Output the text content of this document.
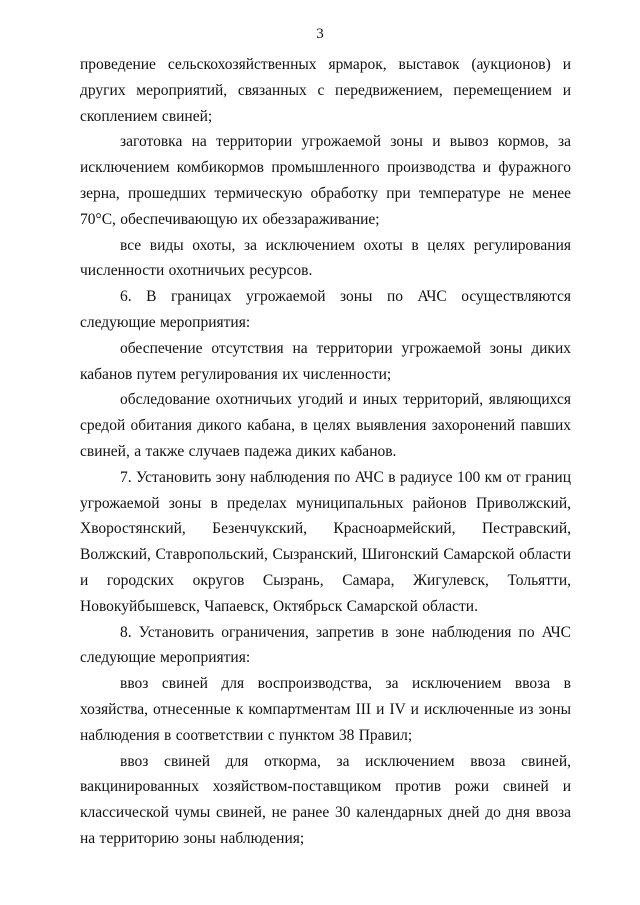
3

проведение сельскохозяйственных ярмарок, выставок (аукционов) и других мероприятий, связанных с передвижением, перемещением и скоплением свиней;

заготовка на территории угрожаемой зоны и вывоз кормов, за исключением комбикормов промышленного производства и фуражного зерна, прошедших термическую обработку при температуре не менее 70°С, обеспечивающую их обеззараживание;

все виды охоты, за исключением охоты в целях регулирования численности охотничьих ресурсов.

6. В границах угрожаемой зоны по АЧС осуществляются следующие мероприятия:

обеспечение отсутствия на территории угрожаемой зоны диких кабанов путем регулирования их численности;

обследование охотничьих угодий и иных территорий, являющихся средой обитания дикого кабана, в целях выявления захоронений павших свиней, а также случаев падежа диких кабанов.

7. Установить зону наблюдения по АЧС в радиусе 100 км от границ угрожаемой зоны в пределах муниципальных районов Приволжский, Хворостянский, Безенчукский, Красноармейский, Пестравский, Волжский, Ставропольский, Сызранский, Шигонский Самарской области и городских округов Сызрань, Самара, Жигулевск, Тольятти, Новокуйбышевск, Чапаевск, Октябрьск Самарской области.

8. Установить ограничения, запретив в зоне наблюдения по АЧС следующие мероприятия:

ввоз свиней для воспроизводства, за исключением ввоза в хозяйства, отнесенные к компартментам III и IV и исключенные из зоны наблюдения в соответствии с пунктом 38 Правил;

ввоз свиней для откорма, за исключением ввоза свиней, вакцинированных хозяйством-поставщиком против рожи свиней и классической чумы свиней, не ранее 30 календарных дней до дня ввоза на территорию зоны наблюдения;
